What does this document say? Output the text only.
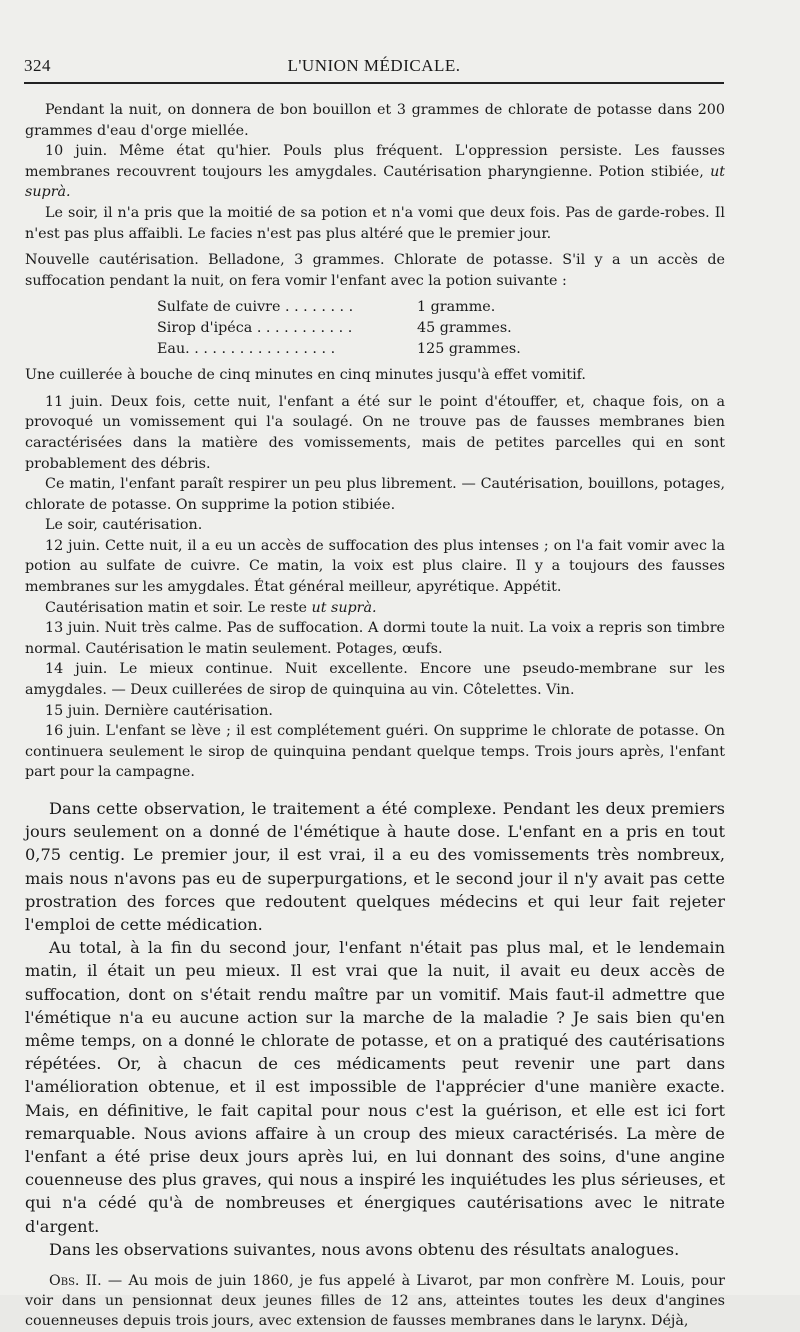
324	L'UNION MÉDICALE.

Pendant la nuit, on donnera de bon bouillon et 3 grammes de chlorate de potasse dans 200 grammes d'eau d'orge miellée.

10 juin. Même état qu'hier. Pouls plus fréquent. L'oppression persiste. Les fausses membranes recouvrent toujours les amygdales. Cautérisation pharyngienne. Potion stibiée, ut suprà.

Le soir, il n'a pris que la moitié de sa potion et n'a vomi que deux fois. Pas de garde-robes. Il n'est pas plus affaibli. Le facies n'est pas plus altéré que le premier jour.

Nouvelle cautérisation. Belladone, 3 grammes. Chlorate de potasse. S'il y a un accès de suffocation pendant la nuit, on fera vomir l'enfant avec la potion suivante :

Sulfate de cuivre . . . . . . . .	1 gramme.
Sirop d'ipéca . . . . . . . . . . .	45 grammes.
Eau. . . . . . . . . . . . . . . . .	125 grammes.

Une cuillerée à bouche de cinq minutes en cinq minutes jusqu'à effet vomitif.

11 juin. Deux fois, cette nuit, l'enfant a été sur le point d'étouffer, et, chaque fois, on a provoqué un vomissement qui l'a soulagé. On ne trouve pas de fausses membranes bien caractérisées dans la matière des vomissements, mais de petites parcelles qui en sont probablement des débris.

Ce matin, l'enfant paraît respirer un peu plus librement. — Cautérisation, bouillons, potages, chlorate de potasse. On supprime la potion stibiée.

Le soir, cautérisation.

12 juin. Cette nuit, il a eu un accès de suffocation des plus intenses ; on l'a fait vomir avec la potion au sulfate de cuivre. Ce matin, la voix est plus claire. Il y a toujours des fausses membranes sur les amygdales. État général meilleur, apyrétique. Appétit.

Cautérisation matin et soir. Le reste ut suprà.

13 juin. Nuit très calme. Pas de suffocation. A dormi toute la nuit. La voix a repris son timbre normal. Cautérisation le matin seulement. Potages, œufs.

14 juin. Le mieux continue. Nuit excellente. Encore une pseudo-membrane sur les amygdales. — Deux cuillerées de sirop de quinquina au vin. Côtelettes. Vin.

15 juin. Dernière cautérisation.

16 juin. L'enfant se lève ; il est complétement guéri. On supprime le chlorate de potasse. On continuera seulement le sirop de quinquina pendant quelque temps. Trois jours après, l'enfant part pour la campagne.

Dans cette observation, le traitement a été complexe. Pendant les deux premiers jours seulement on a donné de l'émétique à haute dose. L'enfant en a pris en tout 0,75 centig. Le premier jour, il est vrai, il a eu des vomissements très nombreux, mais nous n'avons pas eu de superpurgations, et le second jour il n'y avait pas cette prostration des forces que redoutent quelques médecins et qui leur fait rejeter l'emploi de cette médication.

Au total, à la fin du second jour, l'enfant n'était pas plus mal, et le lendemain matin, il était un peu mieux. Il est vrai que la nuit, il avait eu deux accès de suffocation, dont on s'était rendu maître par un vomitif. Mais faut-il admettre que l'émétique n'a eu aucune action sur la marche de la maladie ? Je sais bien qu'en même temps, on a donné le chlorate de potasse, et on a pratiqué des cautérisations répétées. Or, à chacun de ces médicaments peut revenir une part dans l'amélioration obtenue, et il est impossible de l'apprécier d'une manière exacte. Mais, en définitive, le fait capital pour nous c'est la guérison, et elle est ici fort remarquable. Nous avions affaire à un croup des mieux caractérisés. La mère de l'enfant a été prise deux jours après lui, en lui donnant des soins, d'une angine couenneuse des plus graves, qui nous a inspiré les inquiétudes les plus sérieuses, et qui n'a cédé qu'à de nombreuses et énergiques cautérisations avec le nitrate d'argent.

Dans les observations suivantes, nous avons obtenu des résultats analogues.

Obs. II. — Au mois de juin 1860, je fus appelé à Livarot, par mon confrère M. Louis, pour voir dans un pensionnat deux jeunes filles de 12 ans, atteintes toutes les deux d'angines couenneuses depuis trois jours, avec extension de fausses membranes dans le larynx. Déjà,
